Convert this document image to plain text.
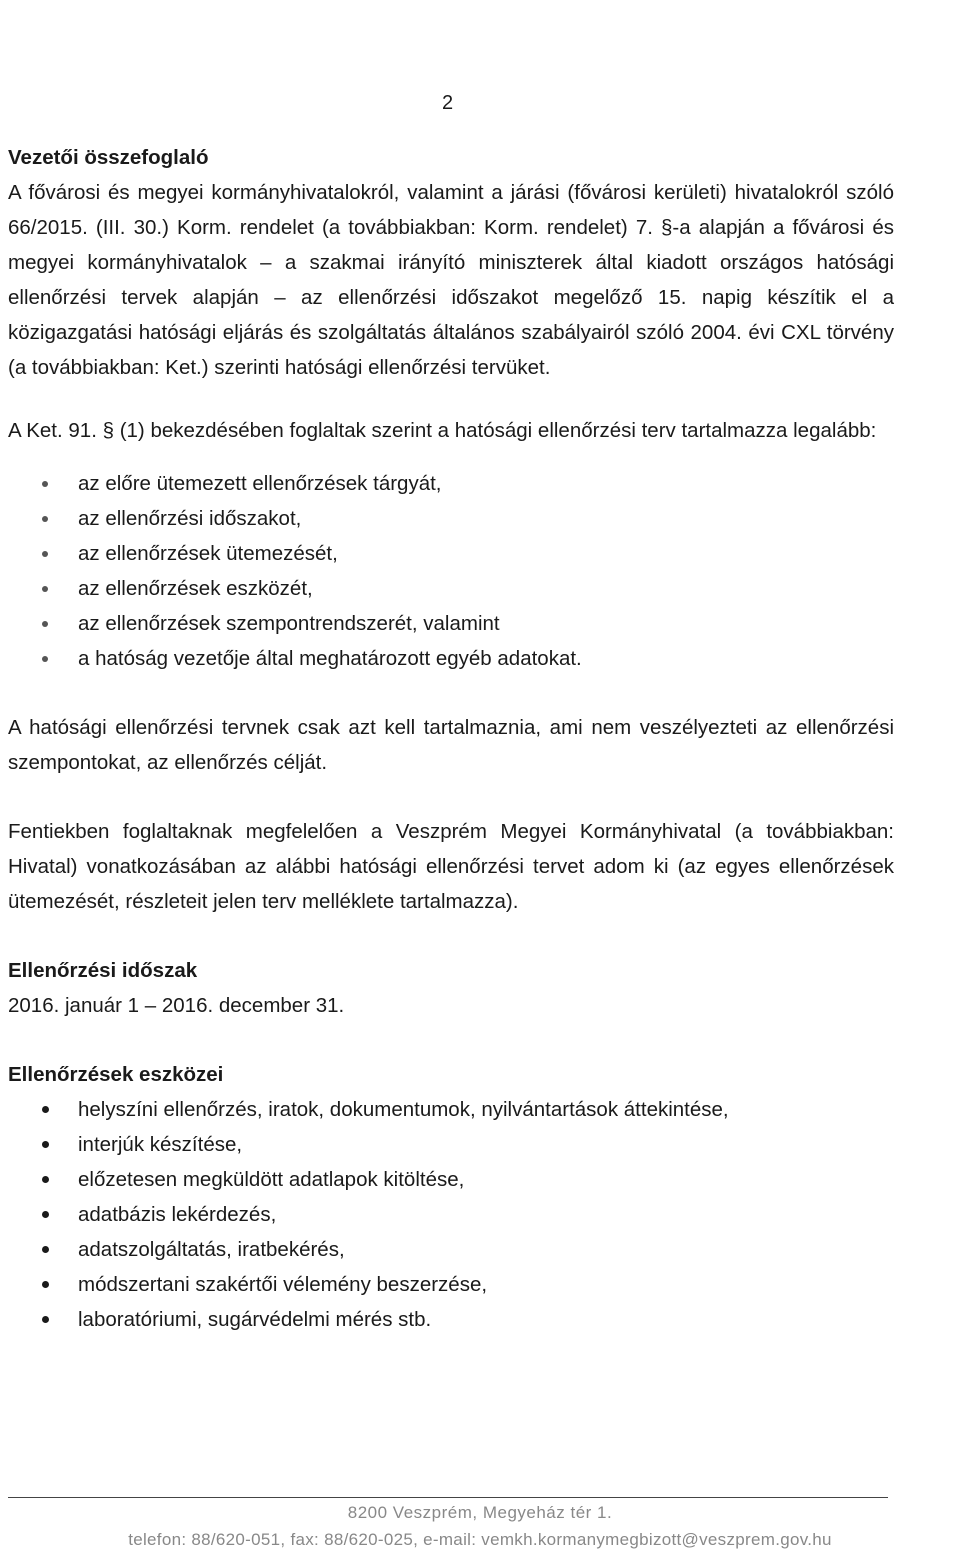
2

Vezetői összefoglaló

A fővárosi és megyei kormányhivatalokról, valamint a járási (fővárosi kerületi) hivatalokról szóló 66/2015. (III. 30.) Korm. rendelet (a továbbiakban: Korm. rendelet) 7. §-a alapján a fővárosi és megyei kormányhivatalok – a szakmai irányító miniszterek által kiadott országos hatósági ellenőrzési tervek alapján – az ellenőrzési időszakot megelőző 15. napig készítik el a közigazgatási hatósági eljárás és szolgáltatás általános szabályairól szóló 2004. évi CXL törvény (a továbbiakban: Ket.) szerinti hatósági ellenőrzési tervüket.

A Ket. 91. § (1) bekezdésében foglaltak szerint a hatósági ellenőrzési terv tartalmazza legalább:

az előre ütemezett ellenőrzések tárgyát,
az ellenőrzési időszakot,
az ellenőrzések ütemezését,
az ellenőrzések eszközét,
az ellenőrzések szempontrendszerét, valamint
a hatóság vezetője által meghatározott egyéb adatokat.

A hatósági ellenőrzési tervnek csak azt kell tartalmaznia, ami nem veszélyezteti az ellenőrzési szempontokat, az ellenőrzés célját.

Fentiekben foglaltaknak megfelelően a Veszprém Megyei Kormányhivatal (a továbbiakban: Hivatal) vonatkozásában az alábbi hatósági ellenőrzési tervet adom ki (az egyes ellenőrzések ütemezését, részleteit jelen terv melléklete tartalmazza).

Ellenőrzési időszak

2016. január 1 – 2016. december 31.

Ellenőrzések eszközei

helyszíni ellenőrzés, iratok, dokumentumok, nyilvántartások áttekintése,
interjúk készítése,
előzetesen megküldött adatlapok kitöltése,
adatbázis lekérdezés,
adatszolgáltatás, iratbekérés,
módszertani szakértői vélemény beszerzése,
laboratóriumi, sugárvédelmi mérés stb.
8200 Veszprém, Megyeház tér 1.
telefon: 88/620-051, fax: 88/620-025, e-mail: vemkh.kormanymegbizott@veszprem.gov.hu
